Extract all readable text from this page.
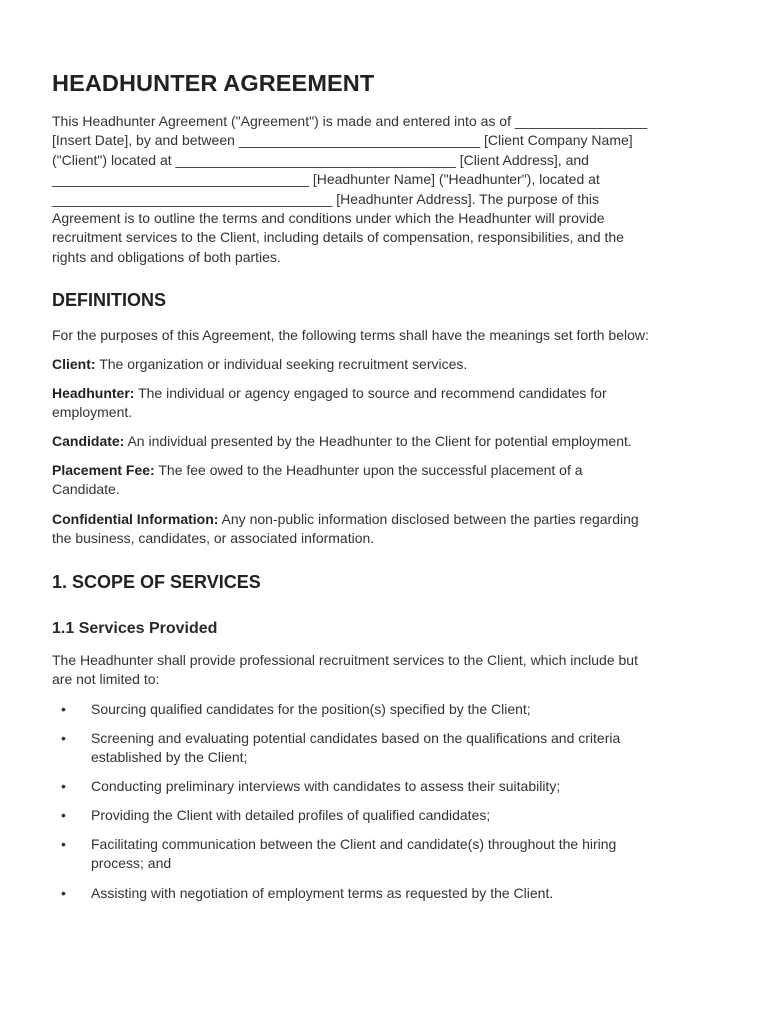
HEADHUNTER AGREEMENT

This Headhunter Agreement ("Agreement") is made and entered into as of _________________
[Insert Date], by and between _______________________________ [Client Company Name]
("Client") located at ____________________________________ [Client Address], and
_________________________________ [Headhunter Name] ("Headhunter"), located at
____________________________________ [Headhunter Address]. The purpose of this
Agreement is to outline the terms and conditions under which the Headhunter will provide
recruitment services to the Client, including details of compensation, responsibilities, and the
rights and obligations of both parties.

DEFINITIONS

For the purposes of this Agreement, the following terms shall have the meanings set forth below:

Client: The organization or individual seeking recruitment services.

Headhunter: The individual or agency engaged to source and recommend candidates for
employment.

Candidate: An individual presented by the Headhunter to the Client for potential employment.

Placement Fee: The fee owed to the Headhunter upon the successful placement of a
Candidate.

Confidential Information: Any non-public information disclosed between the parties regarding
the business, candidates, or associated information.

1. SCOPE OF SERVICES
1.1 Services Provided

The Headhunter shall provide professional recruitment services to the Client, which include but
are not limited to:

• Sourcing qualified candidates for the position(s) specified by the Client;
• Screening and evaluating potential candidates based on the qualifications and criteria
established by the Client;
• Conducting preliminary interviews with candidates to assess their suitability;
• Providing the Client with detailed profiles of qualified candidates;
• Facilitating communication between the Client and candidate(s) throughout the hiring
process; and
• Assisting with negotiation of employment terms as requested by the Client.
